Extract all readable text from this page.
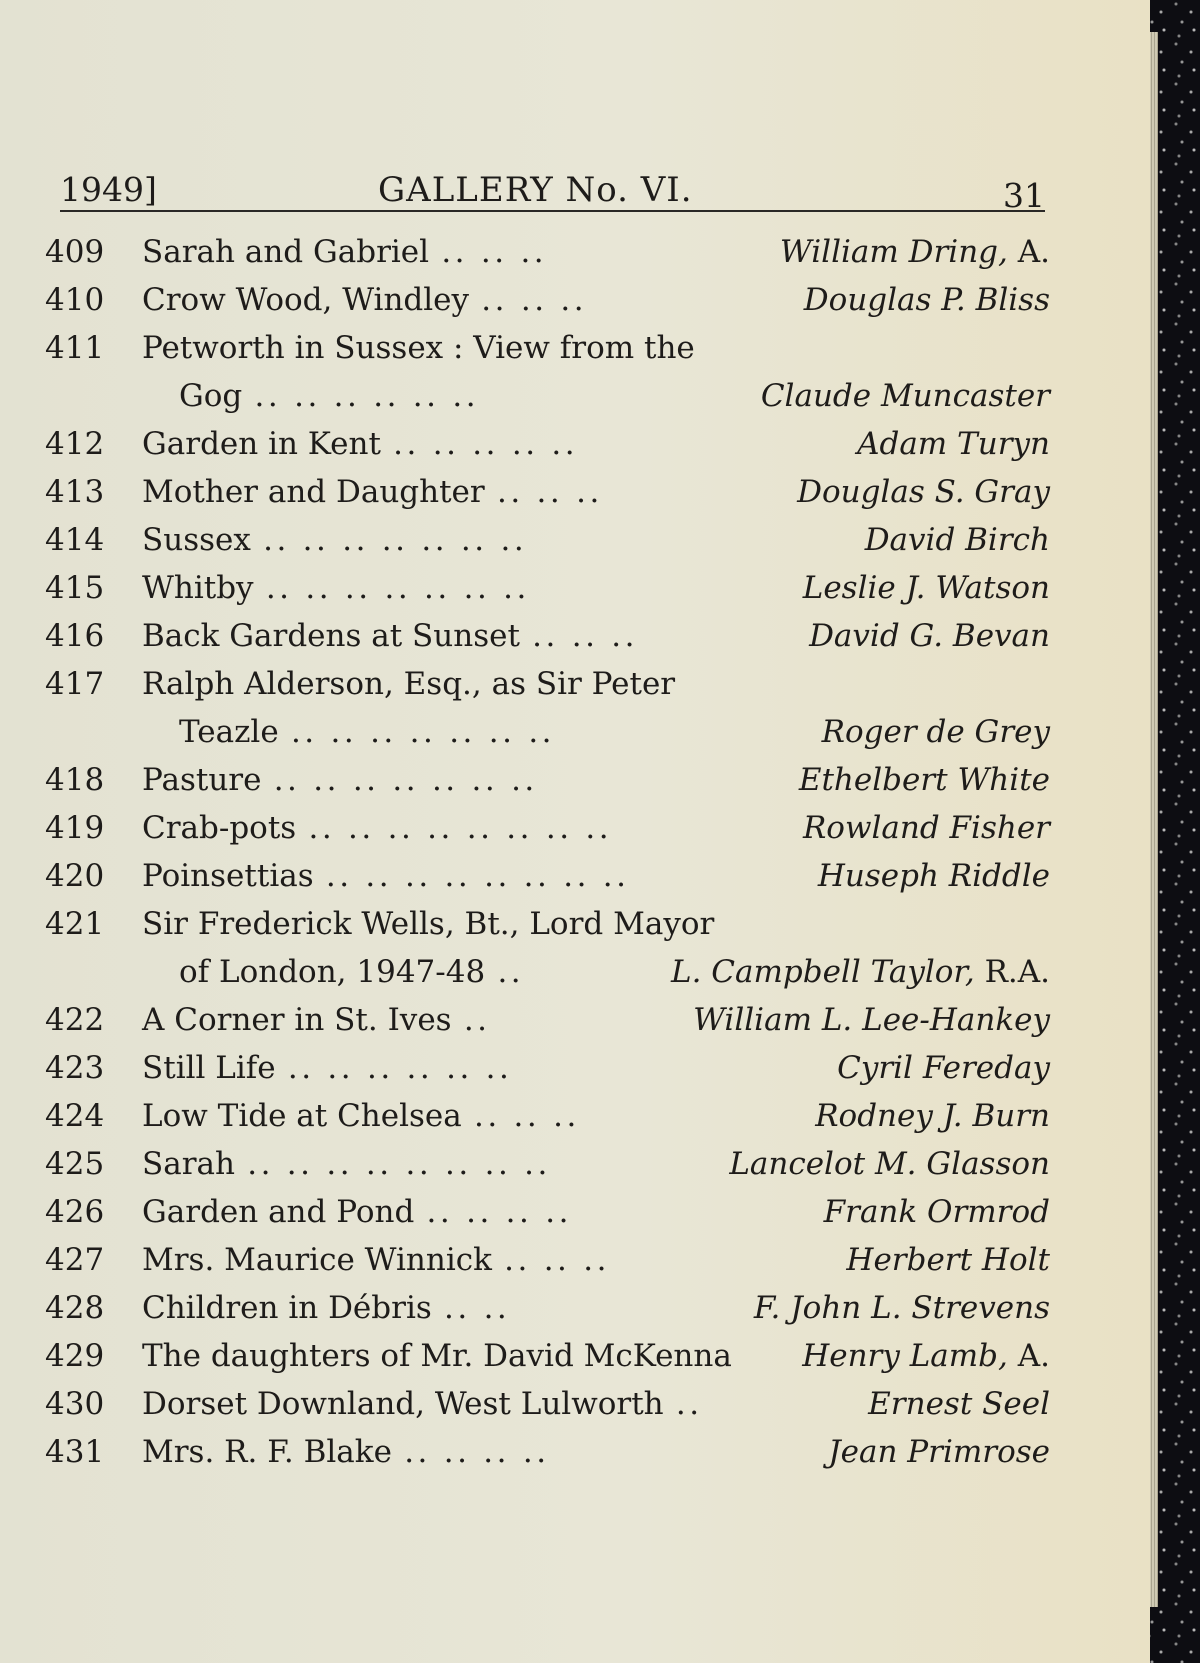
1949]	GALLERY No. VI.	31
409	Sarah and Gabriel ․․ ․․ ․․	William Dring, A.
410	Crow Wood, Windley ․․ ․․ ․․	Douglas P. Bliss
411	Petworth in Sussex : View from the
Gog ․․ ․․ ․․ ․․ ․․ ․․	Claude Muncaster
412	Garden in Kent ․․ ․․ ․․ ․․ ․․	Adam Turyn
413	Mother and Daughter ․․ ․․ ․․	Douglas S. Gray
414	Sussex ․․ ․․ ․․ ․․ ․․ ․․ ․․	David Birch
415	Whitby ․․ ․․ ․․ ․․ ․․ ․․ ․․	Leslie J. Watson
416	Back Gardens at Sunset ․․ ․․ ․․	David G. Bevan
417	Ralph Alderson, Esq., as Sir Peter
Teazle ․․ ․․ ․․ ․․ ․․ ․․ ․․	Roger de Grey
418	Pasture ․․ ․․ ․․ ․․ ․․ ․․ ․․	Ethelbert White
419	Crab-pots ․․ ․․ ․․ ․․ ․․ ․․ ․․ ․․	Rowland Fisher
420	Poinsettias ․․ ․․ ․․ ․․ ․․ ․․ ․․ ․․	Huseph Riddle
421	Sir Frederick Wells, Bt., Lord Mayor
of London, 1947-48 ․․	L. Campbell Taylor, R.A.
422	A Corner in St. Ives ․․	William L. Lee-Hankey
423	Still Life ․․ ․․ ․․ ․․ ․․ ․․	Cyril Fereday
424	Low Tide at Chelsea ․․ ․․ ․․	Rodney J. Burn
425	Sarah ․․ ․․ ․․ ․․ ․․ ․․ ․․ ․․	Lancelot M. Glasson
426	Garden and Pond ․․ ․․ ․․ ․․	Frank Ormrod
427	Mrs. Maurice Winnick ․․ ․․ ․․	Herbert Holt
428	Children in Débris ․․ ․․	F. John L. Strevens
429	The daughters of Mr. David McKenna	Henry Lamb, A.
430	Dorset Downland, West Lulworth ․․	Ernest Seel
431	Mrs. R. F. Blake ․․ ․․ ․․ ․․	Jean Primrose
